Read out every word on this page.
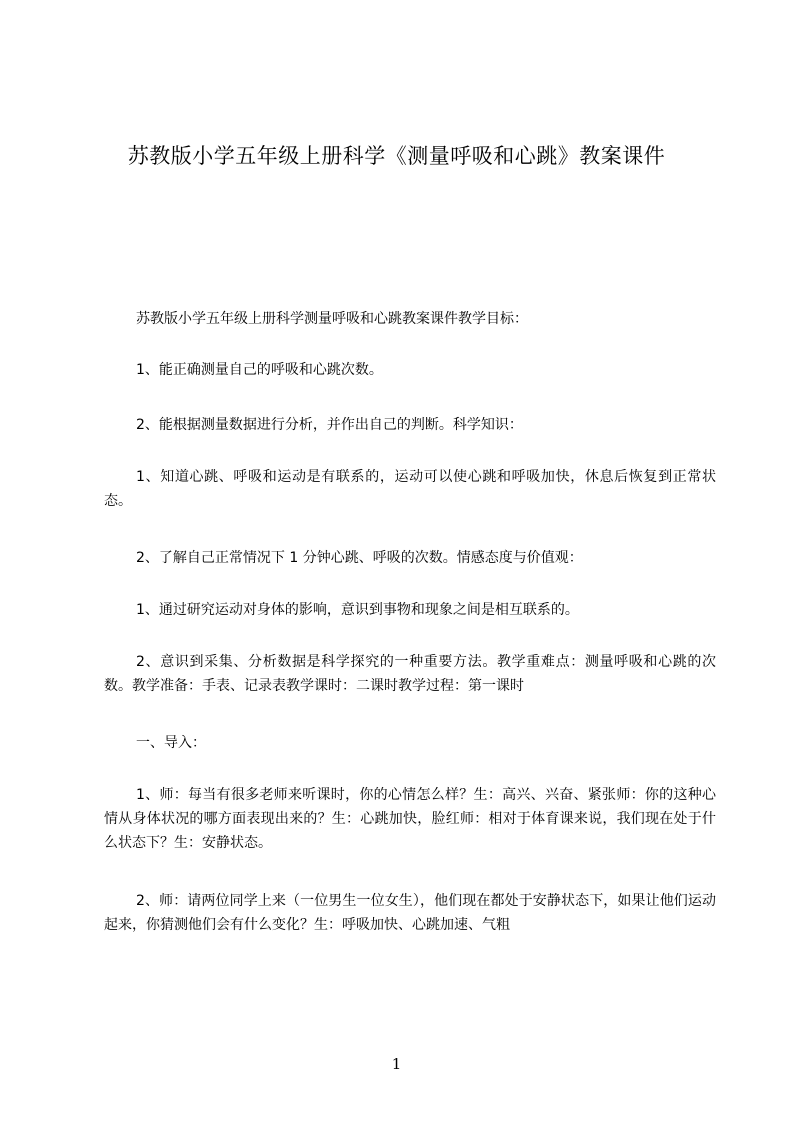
苏教版小学五年级上册科学《测量呼吸和心跳》教案课件

苏教版小学五年级上册科学测量呼吸和心跳教案课件教学目标：

1、能正确测量自己的呼吸和心跳次数。

2、能根据测量数据进行分析，并作出自己的判断。科学知识：

1、知道心跳、呼吸和运动是有联系的，运动可以使心跳和呼吸加快，休息后恢复到正常状态。

2、了解自己正常情况下 1 分钟心跳、呼吸的次数。情感态度与价值观：

1、通过研究运动对身体的影响，意识到事物和现象之间是相互联系的。

2、意识到采集、分析数据是科学探究的一种重要方法。教学重难点：测量呼吸和心跳的次数。教学准备：手表、记录表教学课时：二课时教学过程：第一课时

一、导入：

1、师：每当有很多老师来听课时，你的心情怎么样？生：高兴、兴奋、紧张师：你的这种心情从身体状况的哪方面表现出来的？生：心跳加快，脸红师：相对于体育课来说，我们现在处于什么状态下？生：安静状态。

2、师：请两位同学上来（一位男生一位女生），他们现在都处于安静状态下，如果让他们运动起来，你猜测他们会有什么变化？生：呼吸加快、心跳加速、气粗

1
